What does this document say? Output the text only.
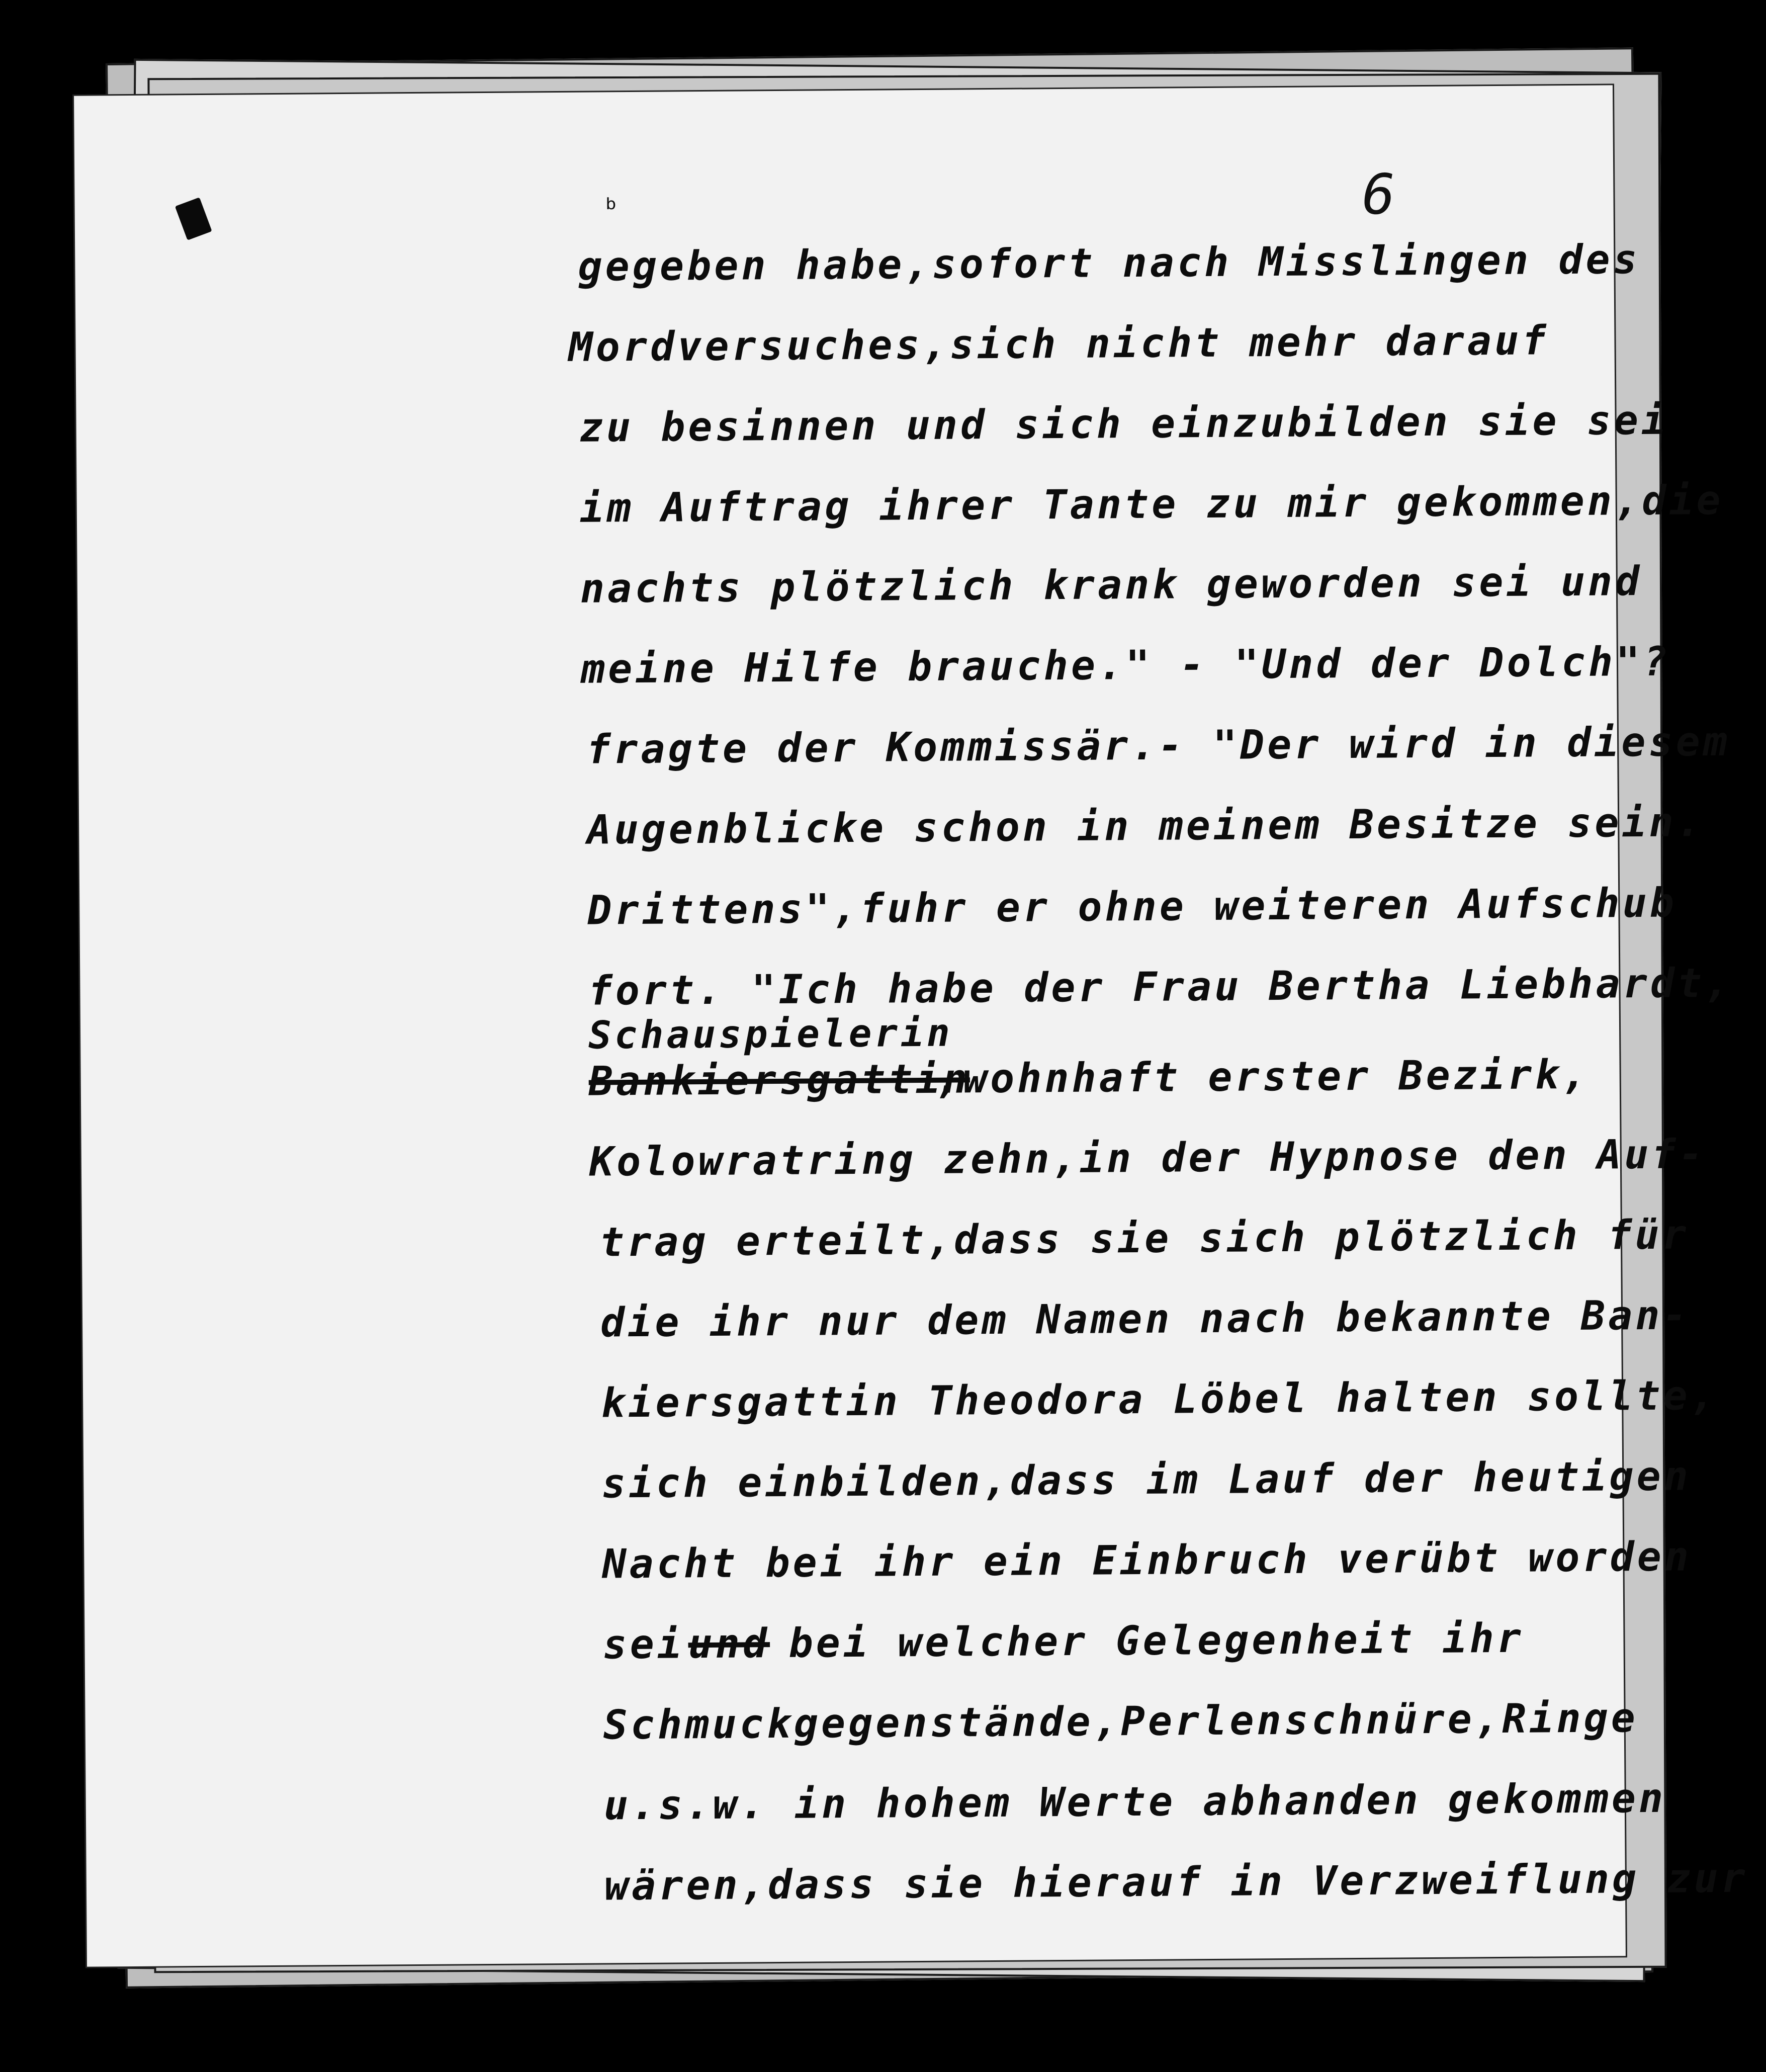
ᵇ	6
gegeben habe,sofort nach Misslingen des
Mordversuches,sich nicht mehr darauf
zu besinnen und sich einzubilden sie sei
im Auftrag ihrer Tante zu mir gekommen,die
nachts plötzlich krank geworden sei und
meine Hilfe brauche." - "Und der Dolch"?
fragte der Kommissär.- "Der wird in diesem
Augenblicke schon in meinem Besitze sein.
Drittens",fuhr er ohne weiteren Aufschub
fort. "Ich habe der Frau Bertha Liebhardt,
Schauspielerin
Bankiersgattin
,wohnhaft erster Bezirk,
Kolowratring zehn,in der Hypnose den Auf-
trag erteilt,dass sie sich plötzlich für
die ihr nur dem Namen nach bekannte Ban-
kiersgattin Theodora Löbel halten sollte,
sich einbilden,dass im Lauf der heutigen
Nacht bei ihr ein Einbruch verübt worden
sei und bei welcher Gelegenheit ihr
Schmuckgegenstände,Perlenschnüre,Ringe
u.s.w. in hohem Werte abhanden gekommen
wären,dass sie hierauf in Verzweiflung zur
